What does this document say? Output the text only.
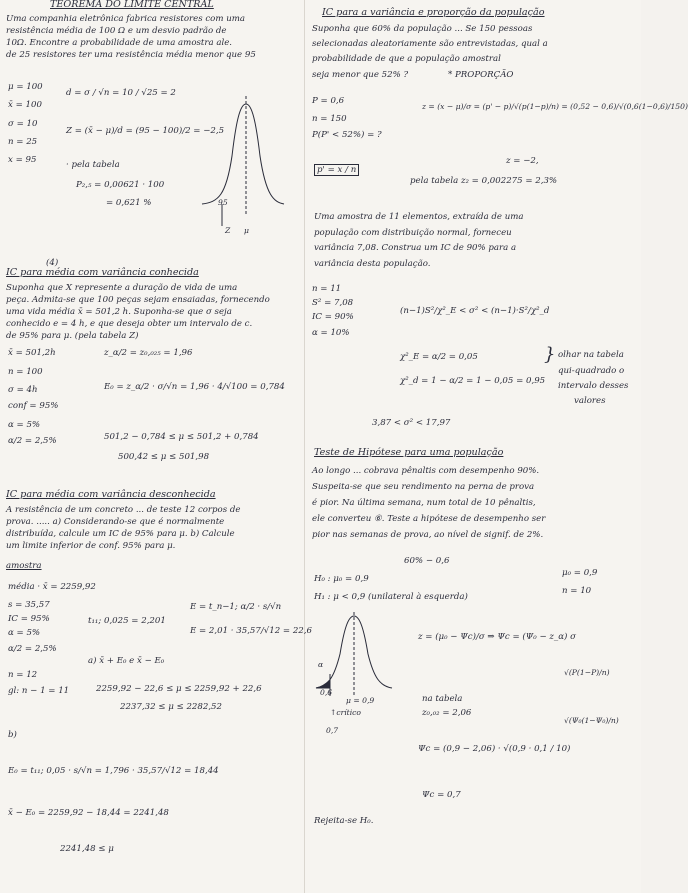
TEOREMA DO LIMITE CENTRAL
Uma companhia eletrônica fabrica resistores com uma
resistência média de 100 Ω e um desvio padrão de
10Ω. Encontre a probabilidade de uma amostra ale.
de 25 resistores ter uma resistência média menor que 95
μ = 100
x̄ = 100
σ = 10
n = 25
x = 95
d = σ / √n = 10 / √25 = 2
Z = (x̄ − μ)/d = (95 − 100)/2 = −2,5
· pela tabela
P₂,₅ = 0,00621 · 100
= 0,621 %	95
Z μ
(4)
IC para média com variância conhecida
Suponha que X represente a duração de vida de uma
peça. Admita-se que 100 peças sejam ensaiadas, fornecendo
uma vida média x̄ = 501,2 h. Suponha-se que σ seja
conhecido e = 4 h, e que deseja obter um intervalo de c.
de 95% para μ. (pela tabela Z)
x̄ = 501,2h
n = 100
σ = 4h
conf = 95%
α = 5%
α/2 = 2,5%
z_α/2 = z₀,₀₂₅ = 1,96
E₀ = z_α/2 · σ/√n = 1,96 · 4/√100 = 0,784
501,2 − 0,784 ≤ μ ≤ 501,2 + 0,784
500,42 ≤ μ ≤ 501,98
IC para média com variância desconhecida
A resistência de um concreto ... de teste 12 corpos de
prova. ..... a) Considerando-se que é normalmente
distribuída, calcule um IC de 95% para μ. b) Calcule
um limite inferior de conf. 95% para μ.
amostra
média · x̄ = 2259,92
s = 35,57
IC = 95%
α = 5%
α/2 = 2,5%
n = 12
gl: n − 1 = 11
t₁₁; 0,025 = 2,201
E = t_n−1; α/2 · s/√n
E = 2,01 · 35,57/√12 = 22,6
a) x̄ + E₀ e x̄ − E₀
2259,92 − 22,6 ≤ μ ≤ 2259,92 + 22,6
2237,32 ≤ μ ≤ 2282,52
b)
E₀ = t₁₁; 0,05 · s/√n = 1,796 · 35,57/√12 = 18,44
x̄ − E₀ = 2259,92 − 18,44 = 2241,48
2241,48 ≤ μ
IC para a variância e proporção da população
Suponha que 60% da população ... Se 150 pessoas
selecionadas aleatoriamente são entrevistadas, qual a
probabilidade de que a população amostral
seja menor que 52% ?	* PROPORÇÃO
P = 0,6
n = 150
P(P' < 52%) = ?
z = (x − μ)/σ = (p' − p)/√(p(1−p)/n) = (0,52 − 0,6)/√(0,6(1−0,6)/150)
p' = x / n
z = −2,
pela tabela z₂ = 0,002275 = 2,3%
Uma amostra de 11 elementos, extraída de uma
população com distribuição normal, forneceu
variância 7,08. Construa um IC de 90% para a
variância desta população.
n = 11
S² = 7,08
IC = 90%
α = 10%
(n−1)S²/χ²_E < σ² < (n−1)·S²/χ²_d
χ²_E = α/2 = 0,05
χ²_d = 1 − α/2 = 1 − 0,05 = 0,95
3,87 < σ² < 17,97
} olhar na tabela
qui-quadrado o
intervalo desses
valores
Teste de Hipótese para uma população
Ao longo ... cobrava pênaltis com desempenho 90%.
Suspeita-se que seu rendimento na perna de prova
é pior. Na última semana, num total de 10 pênaltis,
ele converteu ⑥. Teste a hipótese de desempenho ser
pior nas semanas de prova, ao nível de signif. de 2%.
60% − 0,6
H₀ : μ₀ = 0,9
H₁ : μ < 0,9 (unilateral à esquerda)
μ₀ = 0,9
n = 10
α
0,6
μ = 0,9
↑crítico
0,7
z = (μ₀ − Ψc)/σ ⇒ Ψc = (Ψ₀ − z_α) σ
√(P(1−P)/n)
na tabela
z₀,₀₂ = 2,06
√(Ψ₀(1−Ψ₀)/n)
Ψc = (0,9 − 2,06) · √(0,9 · 0,1 / 10)
Ψc = 0,7
Rejeita-se H₀.
